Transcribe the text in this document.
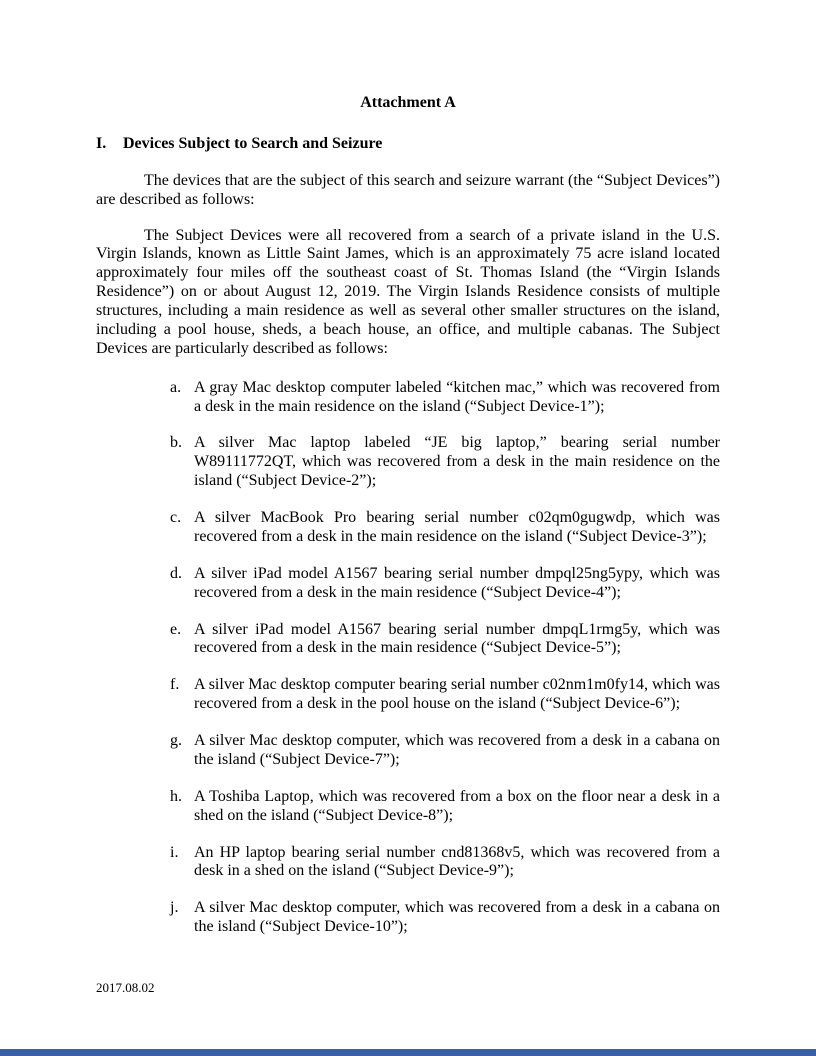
Attachment A
I.	Devices Subject to Search and Seizure

The devices that are the subject of this search and seizure warrant (the “Subject Devices”) are described as follows:

The Subject Devices were all recovered from a search of a private island in the U.S. Virgin Islands, known as Little Saint James, which is an approximately 75 acre island located approximately four miles off the southeast coast of St. Thomas Island (the “Virgin Islands Residence”) on or about August 12, 2019. The Virgin Islands Residence consists of multiple structures, including a main residence as well as several other smaller structures on the island, including a pool house, sheds, a beach house, an office, and multiple cabanas. The Subject Devices are particularly described as follows:

a. A gray Mac desktop computer labeled “kitchen mac,” which was recovered from a desk in the main residence on the island (“Subject Device-1”);
b. A silver Mac laptop labeled “JE big laptop,” bearing serial number W89111772QT, which was recovered from a desk in the main residence on the island (“Subject Device-2”);
c. A silver MacBook Pro bearing serial number c02qm0gugwdp, which was recovered from a desk in the main residence on the island (“Subject Device-3”);
d. A silver iPad model A1567 bearing serial number dmpql25ng5ypy, which was recovered from a desk in the main residence (“Subject Device-4”);
e. A silver iPad model A1567 bearing serial number dmpqL1rmg5y, which was recovered from a desk in the main residence (“Subject Device-5”);
f. A silver Mac desktop computer bearing serial number c02nm1m0fy14, which was recovered from a desk in the pool house on the island (“Subject Device-6”);
g. A silver Mac desktop computer, which was recovered from a desk in a cabana on the island (“Subject Device-7”);
h. A Toshiba Laptop, which was recovered from a box on the floor near a desk in a shed on the island (“Subject Device-8”);
i. An HP laptop bearing serial number cnd81368v5, which was recovered from a desk in a shed on the island (“Subject Device-9”);
j. A silver Mac desktop computer, which was recovered from a desk in a cabana on the island (“Subject Device-10”);
2017.08.02
